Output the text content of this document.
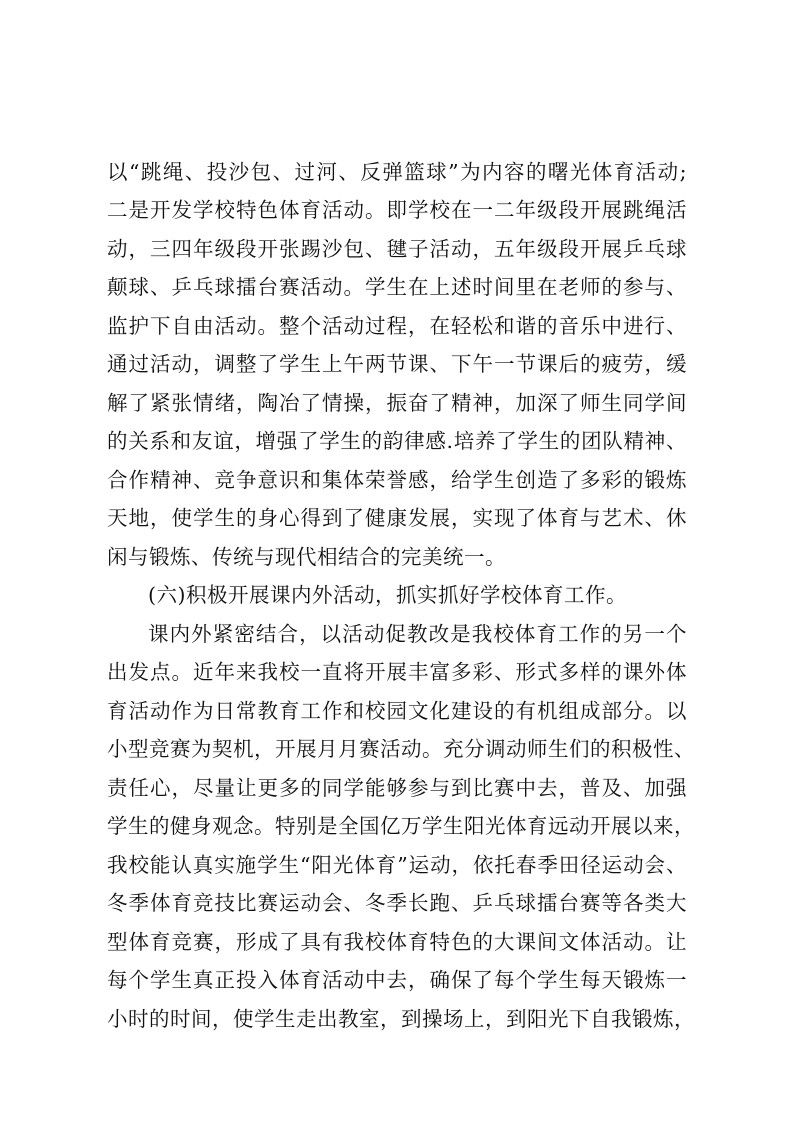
以“跳绳、投沙包、过河、反弹篮球”为内容的曙光体育活动;
二是开发学校特色体育活动。即学校在一二年级段开展跳绳活
动，三四年级段开张踢沙包、毽子活动，五年级段开展乒乓球
颠球、乒乓球擂台赛活动。学生在上述时间里在老师的参与、
监护下自由活动。整个活动过程，在轻松和谐的音乐中进行、
通过活动，调整了学生上午两节课、下午一节课后的疲劳，缓
解了紧张情绪，陶冶了情操，振奋了精神，加深了师生同学间
的关系和友谊，增强了学生的韵律感.培养了学生的团队精神、
合作精神、竞争意识和集体荣誉感，给学生创造了多彩的锻炼
天地，使学生的身心得到了健康发展，实现了体育与艺术、休
闲与锻炼、传统与现代相结合的完美统一。
(六)积极开展课内外活动，抓实抓好学校体育工作。
课内外紧密结合，以活动促教改是我校体育工作的另一个
出发点。近年来我校一直将开展丰富多彩、形式多样的课外体
育活动作为日常教育工作和校园文化建设的有机组成部分。以
小型竞赛为契机，开展月月赛活动。充分调动师生们的积极性、
责任心，尽量让更多的同学能够参与到比赛中去，普及、加强
学生的健身观念。特别是全国亿万学生阳光体育远动开展以来，
我校能认真实施学生“阳光体育”运动，依托春季田径运动会、
冬季体育竞技比赛运动会、冬季长跑、乒乓球擂台赛等各类大
型体育竞赛，形成了具有我校体育特色的大课间文体活动。让
每个学生真正投入体育活动中去，确保了每个学生每天锻炼一
小时的时间，使学生走出教室，到操场上，到阳光下自我锻炼，
